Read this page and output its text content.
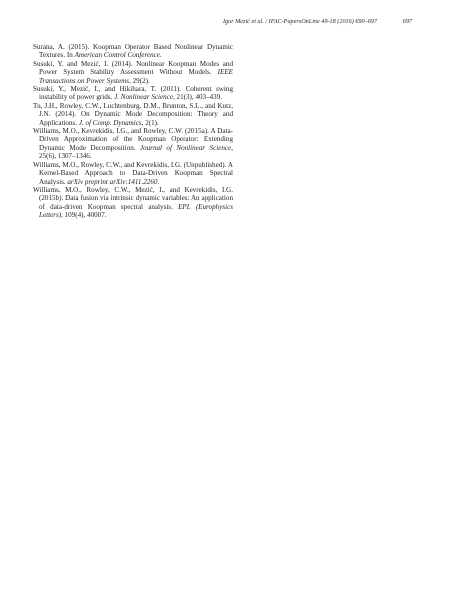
Igor Mezić et al. / IFAC-PapersOnLine 49-18 (2016) 690–697	697
Surana, A. (2015). Koopman Operator Based Nonlinear Dynamic Textures. In American Control Conference.
Susuki, Y. and Mezić, I. (2014). Nonlinear Koopman Modes and Power System Stability Assessment Without Models. IEEE Transactions on Power Systems, 29(2).
Susuki, Y., Mezić, I., and Hikihara, T. (2011). Coherent swing instability of power grids. J. Nonlinear Science, 21(3), 403–439.
Tu, J.H., Rowley, C.W., Luchtenburg, D.M., Brunton, S.L., and Kutz, J.N. (2014). On Dynamic Mode Decomposition: Theory and Applications. J. of Comp. Dynamics, 2(1).
Williams, M.O., Kevrekidis, I.G., and Rowley, C.W. (2015a). A Data-Driven Approximation of the Koopman Operator: Extending Dynamic Mode Decomposition. Journal of Nonlinear Science, 25(6), 1307–1346.
Williams, M.O., Rowley, C.W., and Kevrekidis, I.G. (Unpublished). A Kernel-Based Approach to Data-Driven Koopman Spectral Analysis. arXiv preprint arXiv:1411.2260.
Williams, M.O., Rowley, C.W., Mezić, I., and Kevrekidis, I.G. (2015b). Data fusion via intrinsic dynamic variables: An application of data-driven Koopman spectral analysis. EPL (Europhysics Letters), 109(4), 40007.
